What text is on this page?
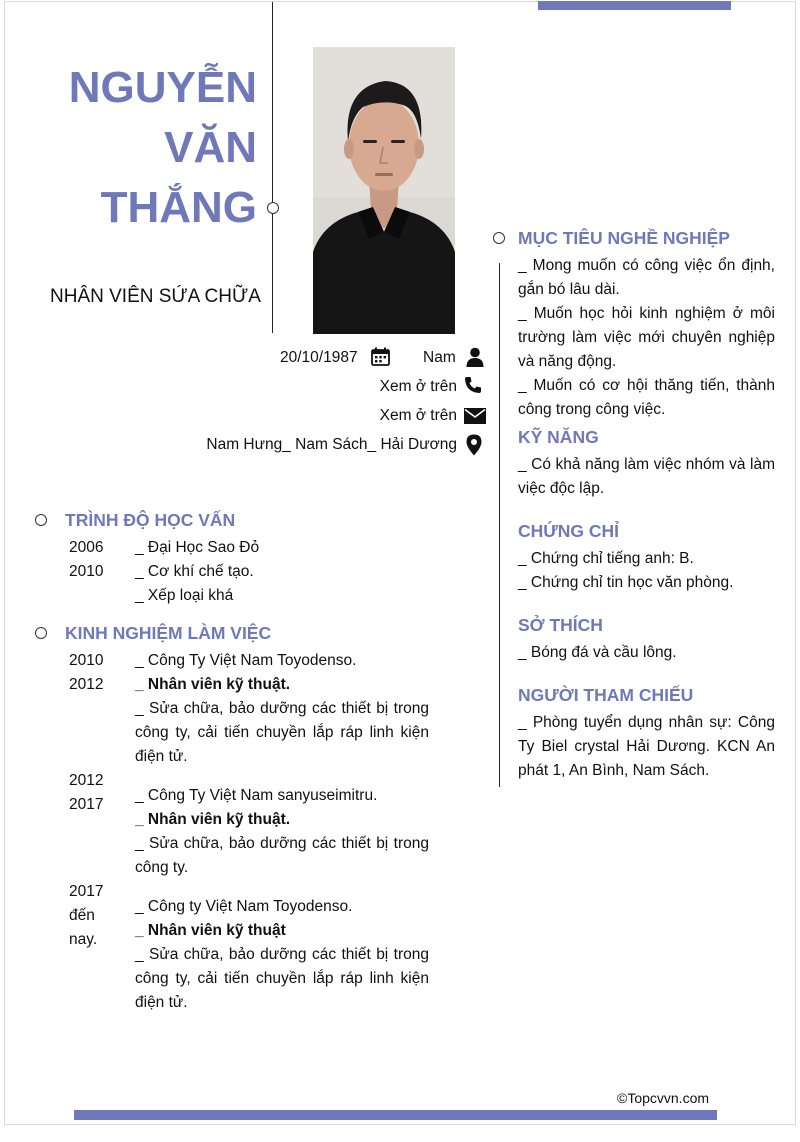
NGUYỄN
VĂN
THẮNG
NHÂN VIÊN SỨA CHỮA
20/10/1987	Nam
Xem ở trên
Xem ở trên
Nam Hưng_ Nam Sách_ Hải Dương
TRÌNH ĐỘ HỌC VẤN
2006
2010
_ Đại Học Sao Đỏ
_ Cơ khí chế tạo.
_ Xếp loại khá
KINH NGHIỆM LÀM VIỆC
2010
2012
_ Công Ty Việt Nam Toyodenso.
_ Nhân viên kỹ thuật.
_ Sửa chữa, bảo dưỡng các thiết bị trong công ty, cải tiến chuyền lắp ráp linh kiện điện tử.
2012
2017
_ Công Ty Việt Nam sanyuseimitru.
_ Nhân viên kỹ thuật.
_ Sửa chữa, bảo dưỡng các thiết bị trong công ty.
2017
đến
nay.
_ Công ty Việt Nam Toyodenso.
_ Nhân viên kỹ thuật
_ Sửa chữa, bảo dưỡng các thiết bị trong công ty, cải tiến chuyền lắp ráp linh kiện điện tử.
MỤC TIÊU NGHỀ NGHIỆP
_ Mong muốn có công việc ổn định, gắn bó lâu dài.
_ Muốn học hỏi kinh nghiệm ở môi trường làm việc mới chuyên nghiệp và năng động.
_ Muốn có cơ hội thăng tiến, thành công trong công việc.
KỸ NĂNG
_ Có khả năng làm việc nhóm và làm việc độc lập.
CHỨNG CHỈ
_ Chứng chỉ tiếng anh: B.
_ Chứng chỉ tin học văn phòng.
SỞ THÍCH
_ Bóng đá và cầu lông.
NGƯỜI THAM CHIẾU
_ Phòng tuyển dụng nhân sự: Công Ty Biel crystal Hải Dương. KCN An phát 1, An Bình, Nam Sách.
©Topcvvn.com
